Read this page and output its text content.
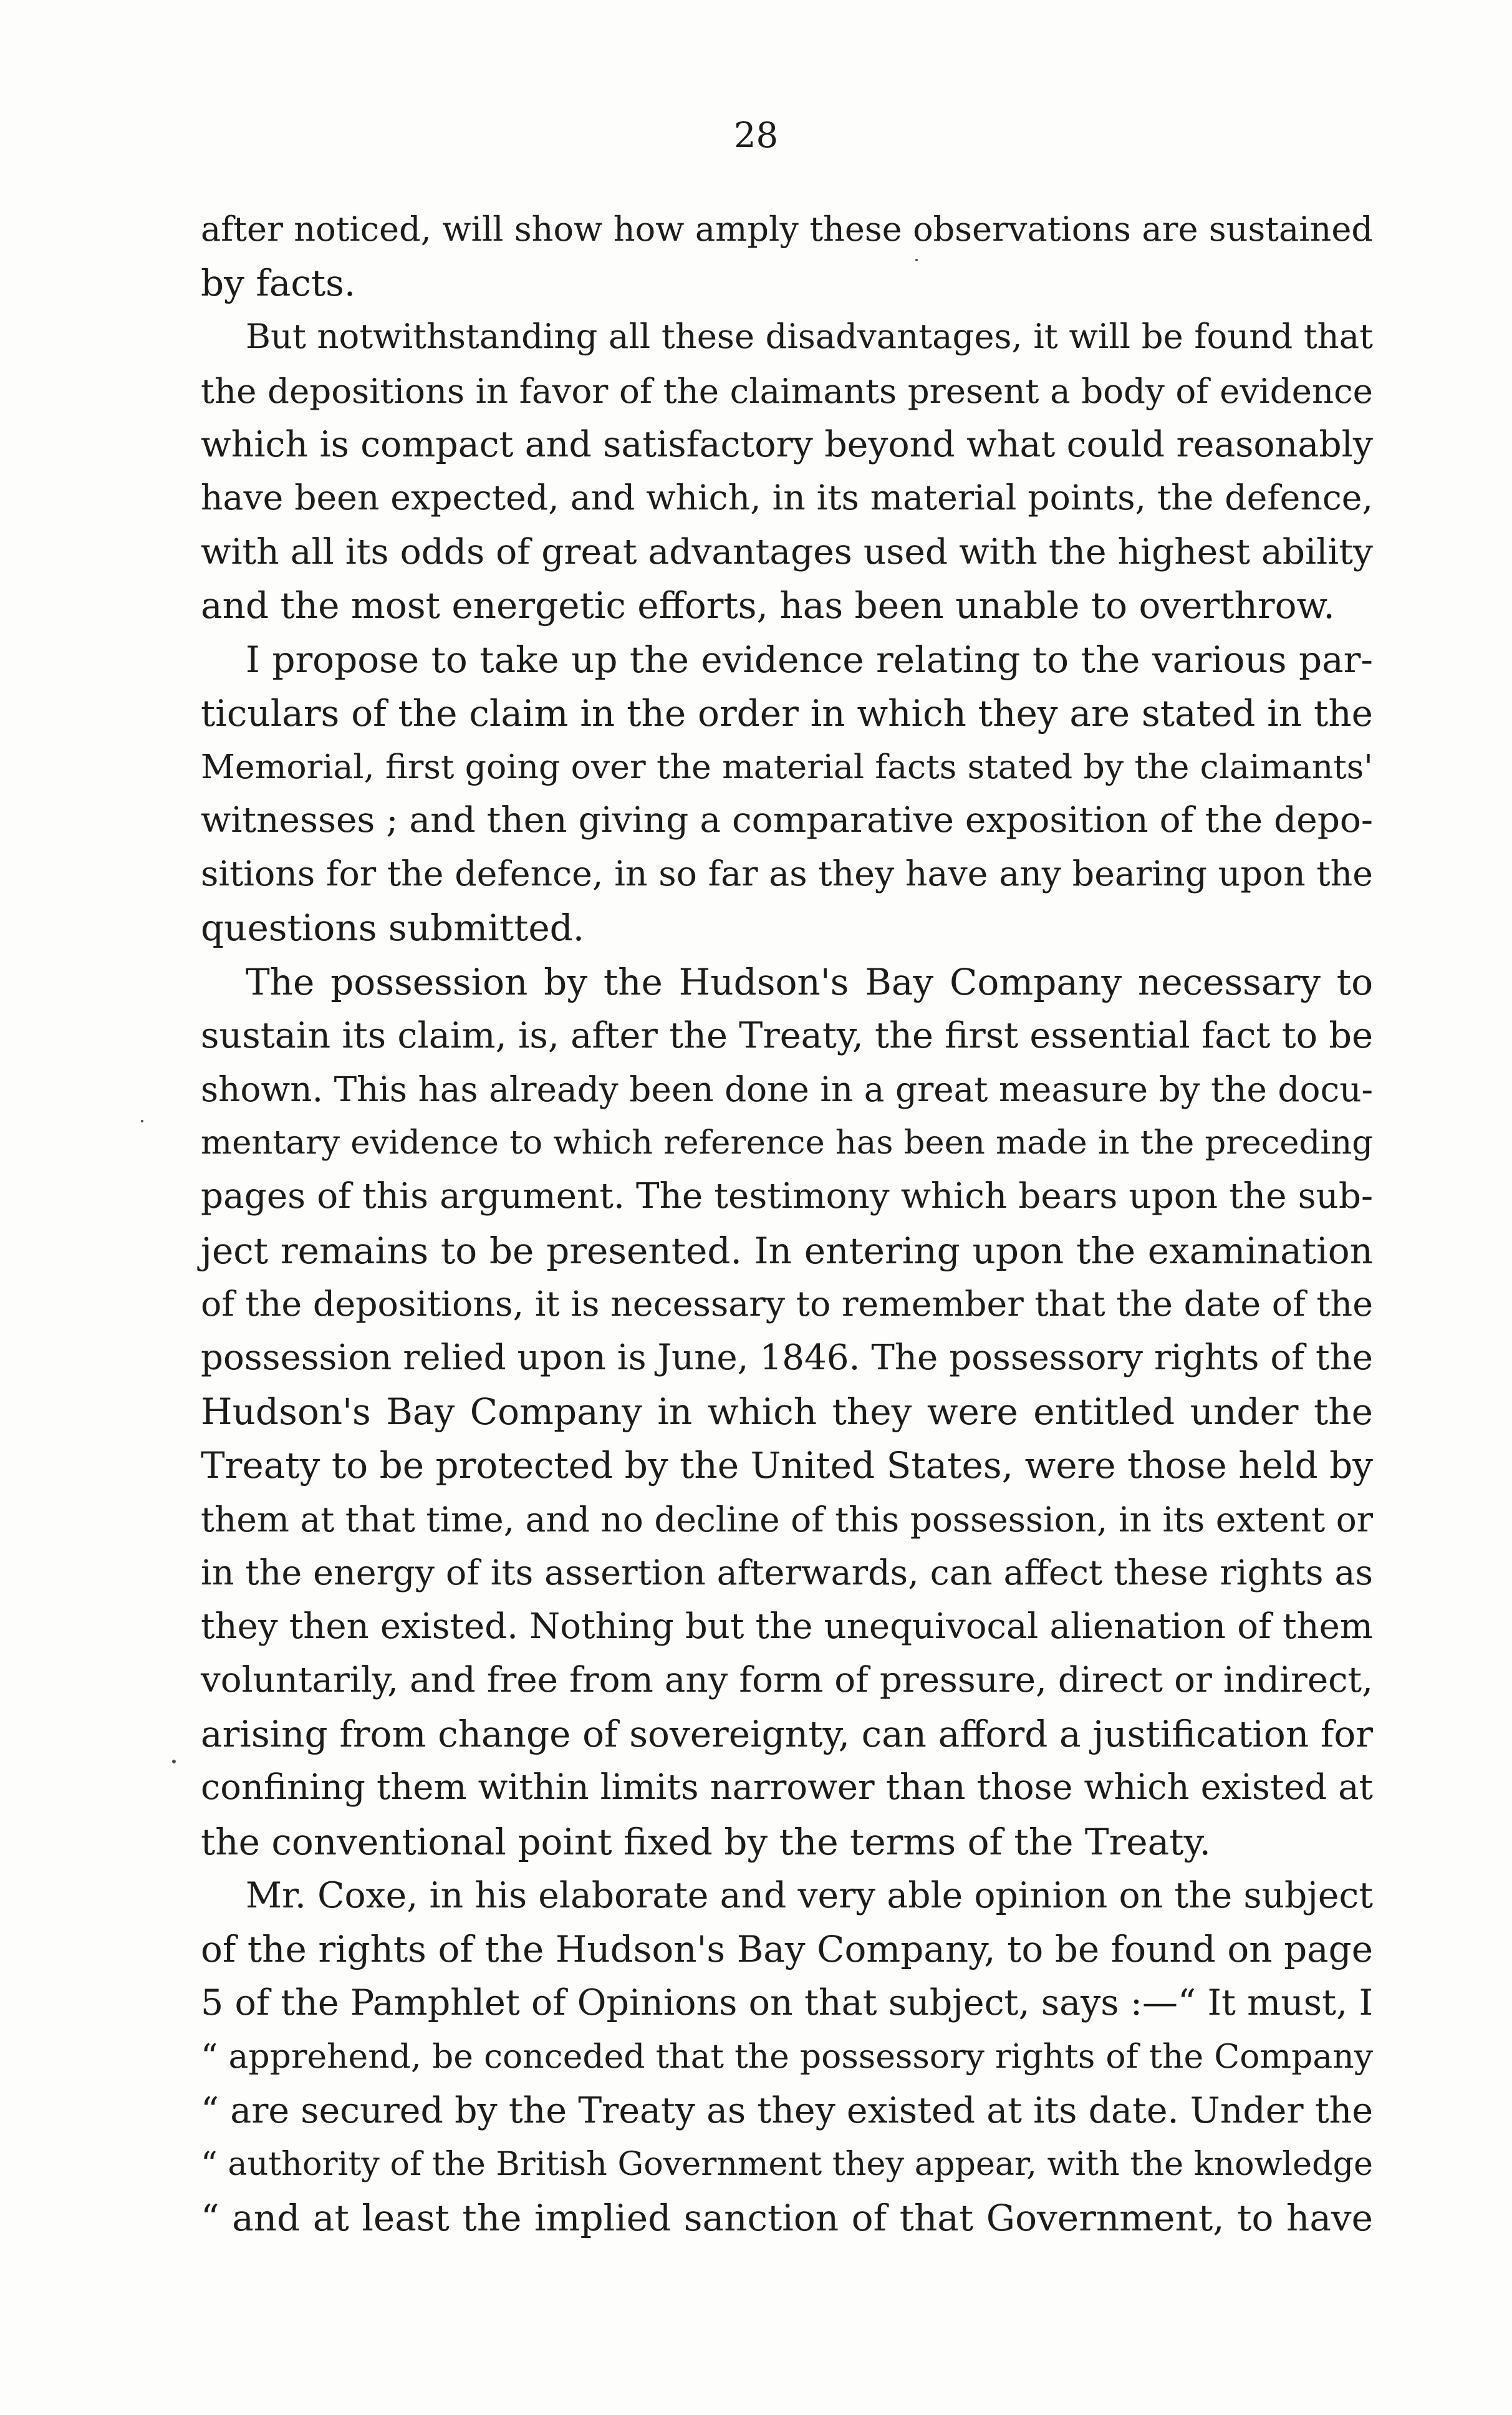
28
after noticed, will show how amply these observations are sustained
by facts.
But notwithstanding all these disadvantages, it will be found that
the depositions in favor of the claimants present a body of evidence
which is compact and satisfactory beyond what could reasonably
have been expected, and which, in its material points, the defence,
with all its odds of great advantages used with the highest ability
and the most energetic efforts, has been unable to overthrow.
I propose to take up the evidence relating to the various par-
ticulars of the claim in the order in which they are stated in the
Memorial, first going over the material facts stated by the claimants'
witnesses ; and then giving a comparative exposition of the depo-
sitions for the defence, in so far as they have any bearing upon the
questions submitted.
The possession by the Hudson's Bay Company necessary to
sustain its claim, is, after the Treaty, the first essential fact to be
shown. This has already been done in a great measure by the docu-
mentary evidence to which reference has been made in the preceding
pages of this argument. The testimony which bears upon the sub-
ject remains to be presented. In entering upon the examination
of the depositions, it is necessary to remember that the date of the
possession relied upon is June, 1846. The possessory rights of the
Hudson's Bay Company in which they were entitled under the
Treaty to be protected by the United States, were those held by
them at that time, and no decline of this possession, in its extent or
in the energy of its assertion afterwards, can affect these rights as
they then existed. Nothing but the unequivocal alienation of them
voluntarily, and free from any form of pressure, direct or indirect,
arising from change of sovereignty, can afford a justification for
confining them within limits narrower than those which existed at
the conventional point fixed by the terms of the Treaty.
Mr. Coxe, in his elaborate and very able opinion on the subject
of the rights of the Hudson's Bay Company, to be found on page
5 of the Pamphlet of Opinions on that subject, says :—“ It must, I
“ apprehend, be conceded that the possessory rights of the Company
“ are secured by the Treaty as they existed at its date. Under the
“ authority of the British Government they appear, with the knowledge
“ and at least the implied sanction of that Government, to have
